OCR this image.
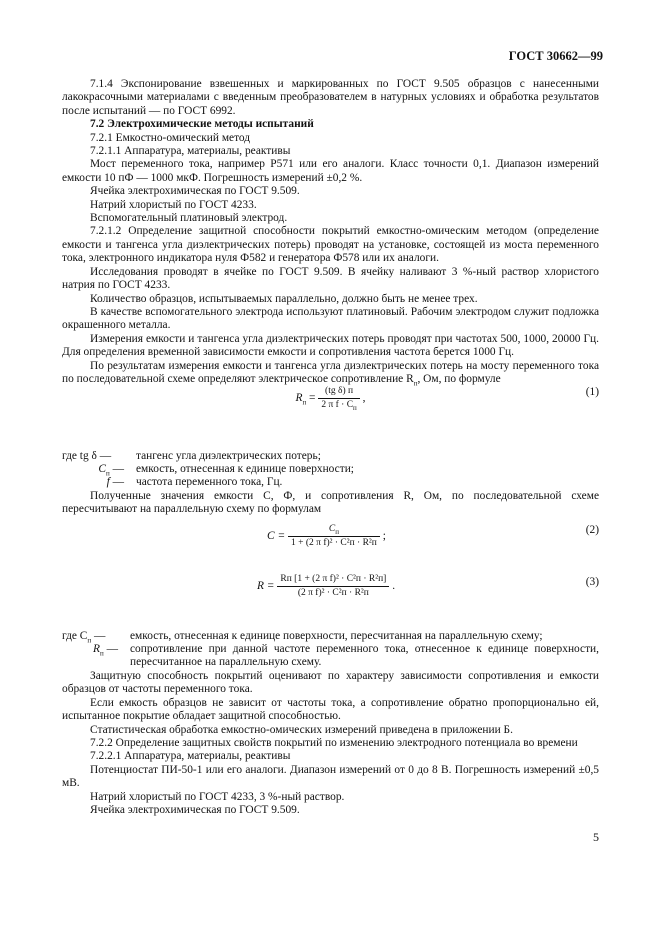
ГОСТ 30662—99

7.1.4 Экспонирование взвешенных и маркированных по ГОСТ 9.505 образцов с нанесенными лакокрасочными материалами с введенным преобразователем в натурных условиях и обработка результатов после испытаний — по ГОСТ 6992.

7.2 Электрохимические методы испытаний

7.2.1 Емкостно-омический метод

7.2.1.1 Аппаратура, материалы, реактивы

Мост переменного тока, например Р571 или его аналоги. Класс точности 0,1. Диапазон измерений емкости 10 пФ — 1000 мкФ. Погрешность измерений ±0,2 %.

Ячейка электрохимическая по ГОСТ 9.509.

Натрий хлористый по ГОСТ 4233.

Вспомогательный платиновый электрод.

7.2.1.2 Определение защитной способности покрытий емкостно-омическим методом (определение емкости и тангенса угла диэлектрических потерь) проводят на установке, состоящей из моста переменного тока, электронного индикатора нуля Ф582 и генератора Ф578 или их аналоги.

Исследования проводят в ячейке по ГОСТ 9.509. В ячейку наливают 3 %-ный раствор хлористого натрия по ГОСТ 4233.

Количество образцов, испытываемых параллельно, должно быть не менее трех.

В качестве вспомогательного электрода используют платиновый. Рабочим электродом служит подложка окрашенного металла.

Измерения емкости и тангенса угла диэлектрических потерь проводят при частотах 500, 1000, 20000 Гц. Для определения временной зависимости емкости и сопротивления частота берется 1000 Гц.

По результатам измерения емкости и тангенса угла диэлектрических потерь на мосту переменного тока по последовательной схеме определяют электрическое сопротивление $R_п$, Ом, по формуле

$R_п = \frac{\text{(tg δ) п}}{2 \pi f \cdot C_п}$ ,
(1)
где tg δ —	тангенс угла диэлектрических потерь;
$C_п$ —	емкость, отнесенная к единице поверхности;
f —	частота переменного тока, Гц.

Полученные значения емкости С, Ф, и сопротивления R, Ом, по последовательной схеме пересчитывают на параллельную схему по формулам

$C = \frac{C_п}{\text{1 + (2 π f)² · C²п · R²п}}$ ;
(2)
$R = \frac{\text{Rп [1 + (2 π f)² · C²п · R²п]}}{\text{(2 π f)² · C²п · R²п}}$ .	(3)
где $C_п$ —	емкость, отнесенная к единице поверхности, пересчитанная на параллельную схему;
$R_п$ —	сопротивление при данной частоте переменного тока, отнесенное к единице поверхности, пересчитанное на параллельную схему.

Защитную способность покрытий оценивают по характеру зависимости сопротивления и емкости образцов от частоты переменного тока.

Если емкость образцов не зависит от частоты тока, а сопротивление обратно пропорционально ей, испытанное покрытие обладает защитной способностью.

Статистическая обработка емкостно-омических измерений приведена в приложении Б.

7.2.2 Определение защитных свойств покрытий по изменению электродного потенциала во времени

7.2.2.1 Аппаратура, материалы, реактивы

Потенциостат ПИ-50-1 или его аналоги. Диапазон измерений от 0 до 8 В. Погрешность измерений ±0,5 мВ.

Натрий хлористый по ГОСТ 4233, 3 %-ный раствор.

Ячейка электрохимическая по ГОСТ 9.509.

5
